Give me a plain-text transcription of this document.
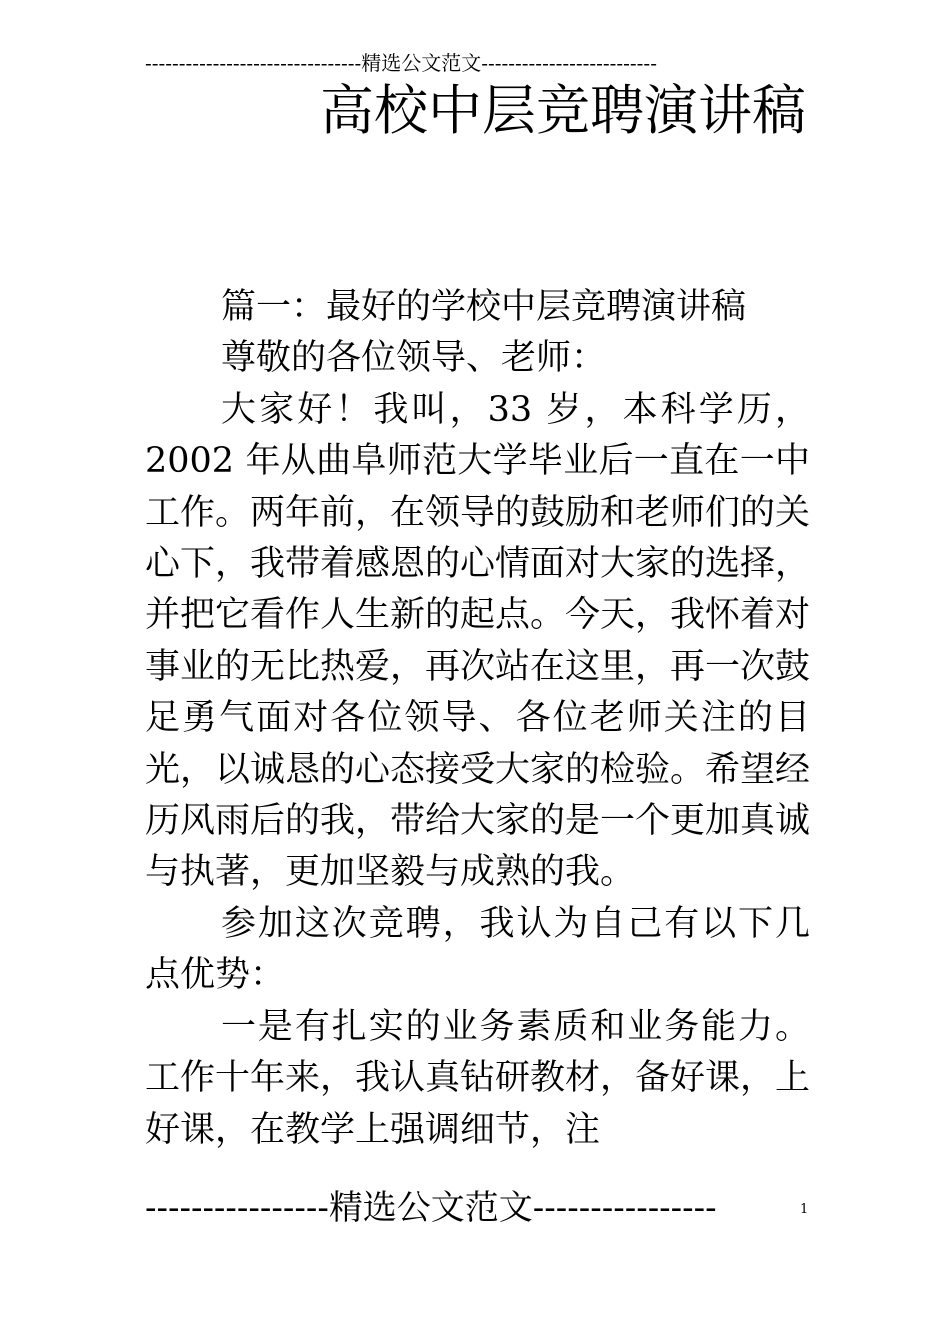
--------------------------------精选公文范文--------------------------
高校中层竞聘演讲稿

篇一：最好的学校中层竞聘演讲稿

尊敬的各位领导、老师：

大家好！我叫，33 岁，本科学历，2002 年从曲阜师范大学毕业后一直在一中工作。两年前，在领导的鼓励和老师们的关心下，我带着感恩的心情面对大家的选择，并把它看作人生新的起点。今天，我怀着对事业的无比热爱，再次站在这里，再一次鼓足勇气面对各位领导、各位老师关注的目光，以诚恳的心态接受大家的检验。希望经历风雨后的我，带给大家的是一个更加真诚与执著，更加坚毅与成熟的我。

参加这次竞聘，我认为自己有以下几点优势：

一是有扎实的业务素质和业务能力。工作十年来，我认真钻研教材，备好课，上好课，在教学上强调细节，注

----------------精选公文范文----------------	1
